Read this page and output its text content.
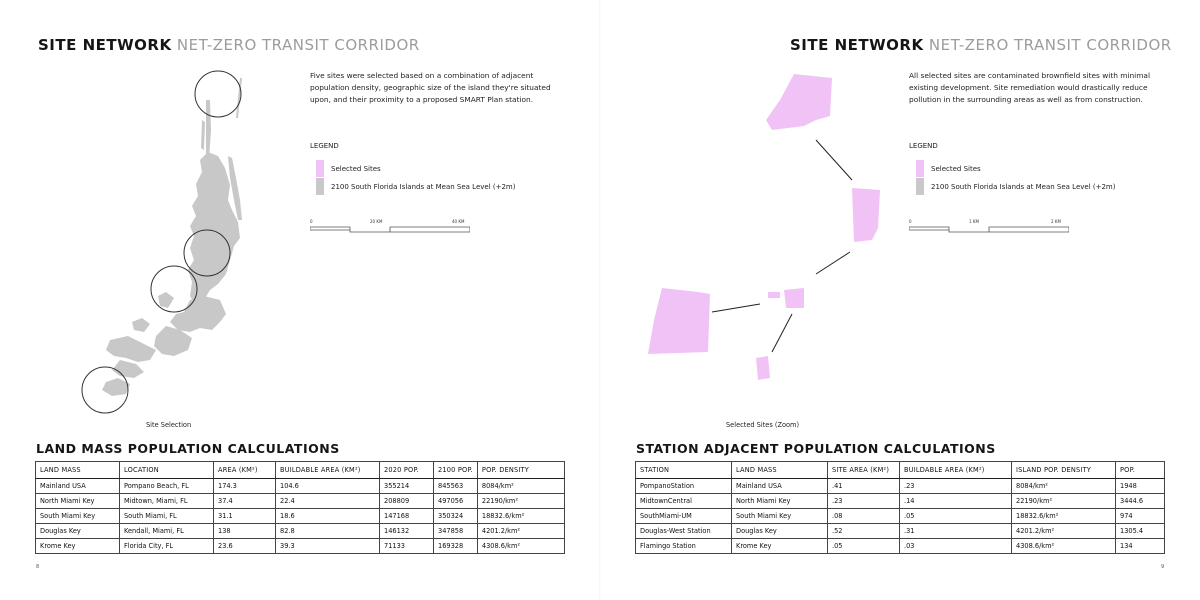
SITE NETWORK NET-ZERO TRANSIT CORRIDOR
Five sites were selected based on a combination of adjacent population density, geographic size of the island they're situated upon, and their proximity to a proposed SMART Plan station.
LEGEND
Selected Sites
2100 South Florida Islands at Mean Sea Level (+2m)
0	20 KM	40 KM
Site Selection
LAND MASS POPULATION CALCULATIONS
LAND MASS	LOCATION	AREA (KM²)	BUILDABLE AREA (KM²)	2020 POP.	2100 POP.	POP. DENSITY
Mainland USA	Pompano Beach, FL	174.3	104.6	355214	845563	8084/km²
North Miami Key	Midtown, Miami, FL	37.4	22.4	208809	497056	22190/km²
South Miami Key	South Miami, FL	31.1	18.6	147168	350324	18832.6/km²
Douglas Key	Kendall, Miami, FL	138	82.8	146132	347858	4201.2/km²
Krome Key	Florida City, FL	23.6	39.3	71133	169328	4308.6/km²
8
SITE NETWORK NET-ZERO TRANSIT CORRIDOR
All selected sites are contaminated brownfield sites with minimal existing development. Site remediation would drastically reduce pollution in the surrounding areas as well as from construction.
LEGEND
Selected Sites
2100 South Florida Islands at Mean Sea Level (+2m)
0	1 KM	2 KM
Selected Sites (Zoom)
STATION ADJACENT POPULATION CALCULATIONS
STATION	LAND MASS	SITE AREA (KM²)	BUILDABLE AREA (KM²)	ISLAND POP. DENSITY	POP.
PompanoStation	Mainland USA	.41	.23	8084/km²	1948
MidtownCentral	North Miami Key	.23	.14	22190/km²	3444.6
SouthMiami-UM	South Miami Key	.08	.05	18832.6/km²	974
Douglas-West Station	Douglas Key	.52	.31	4201.2/km²	1305.4
Flamingo Station	Krome Key	.05	.03	4308.6/km²	134
9
